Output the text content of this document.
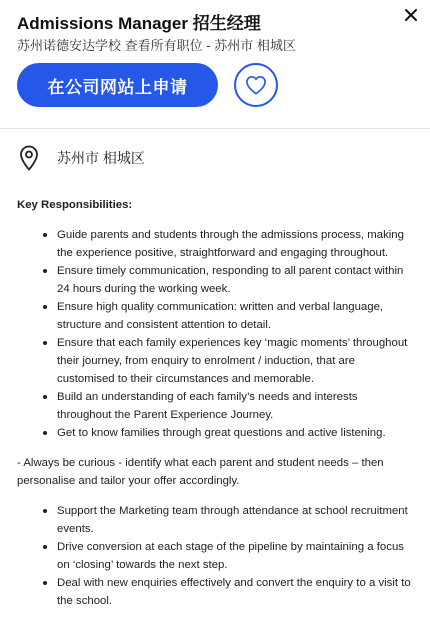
Admissions Manager 招生经理
苏州诺德安达学校 查看所有职位 - 苏州市 相城区
在公司网站上申请
苏州市 相城区
Key Responsibilities:
Guide parents and students through the admissions process, making the experience positive, straightforward and engaging throughout.
Ensure timely communication, responding to all parent contact within 24 hours during the working week.
Ensure high quality communication: written and verbal language, structure and consistent attention to detail.
Ensure that each family experiences key ‘magic moments’ throughout their journey, from enquiry to enrolment / induction, that are customised to their circumstances and memorable.
Build an understanding of each family’s needs and interests throughout the Parent Experience Journey.
Get to know families through great questions and active listening.
- Always be curious - identify what each parent and student needs – then personalise and tailor your offer accordingly.
Support the Marketing team through attendance at school recruitment events.
Drive conversion at each stage of the pipeline by maintaining a focus on ‘closing’ towards the next step.
Deal with new enquiries effectively and convert the enquiry to a visit to the school.
